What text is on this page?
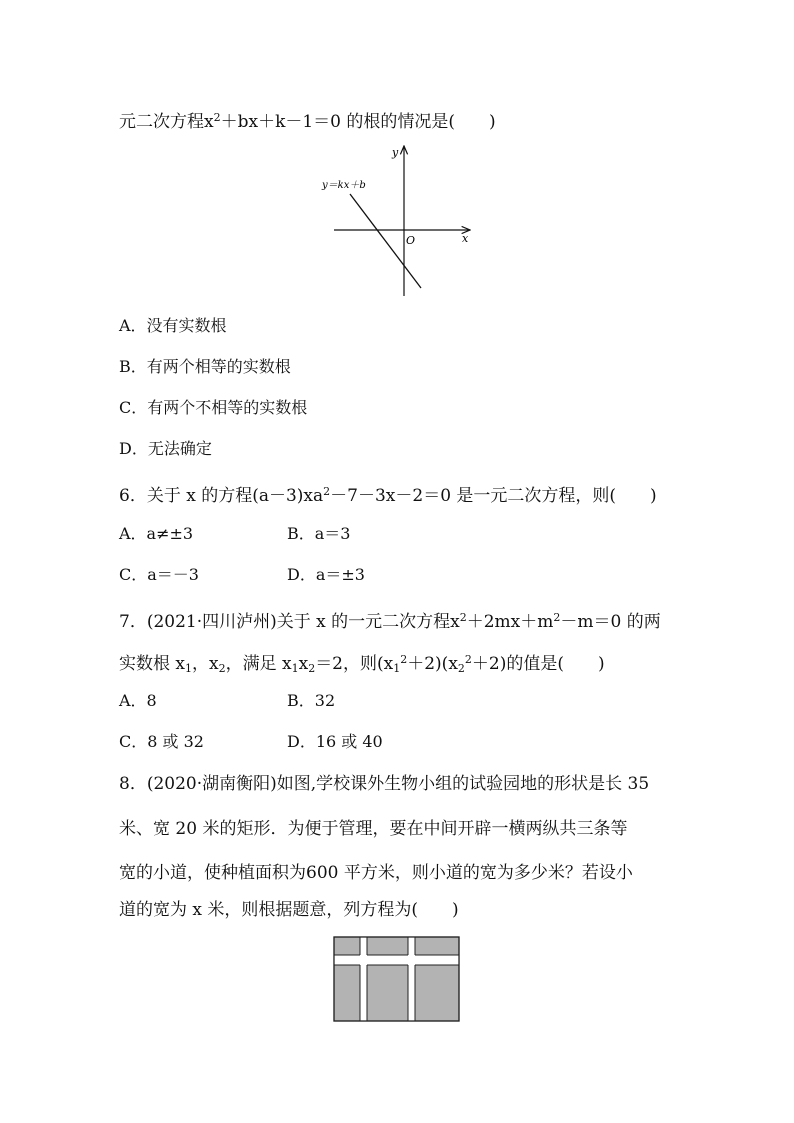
元二次方程$x^2+bx+k-1=0$ 的根的情况是(　　)
y＝kx＋b
y
x
O
A．没有实数根
B．有两个相等的实数根
C．有两个不相等的实数根
D．无法确定
6．关于 x 的方程$(a-3)xa^2-7-3x-2=0$ 是一元二次方程，则(　　)
A．a≠±3	B．a＝3
C．a＝－3	D．a＝±3
7．(2021·四川泸州)关于 x 的一元二次方程$x^2+2mx+m^2-m=0$ 的两
实数根 $x_1$，$x_2$，满足 $x_1x_2=2$，则$(x_1^2+2)(x_2^2+2)$的值是(　　)
A．8	B．32
C．8 或 32	D．16 或 40
8．(2020·湖南衡阳)如图,学校课外生物小组的试验园地的形状是长 35
米、宽 20 米的矩形．为便于管理，要在中间开辟一横两纵共三条等
宽的小道，使种植面积为600 平方米，则小道的宽为多少米？若设小
道的宽为 x 米，则根据题意，列方程为(　　)
